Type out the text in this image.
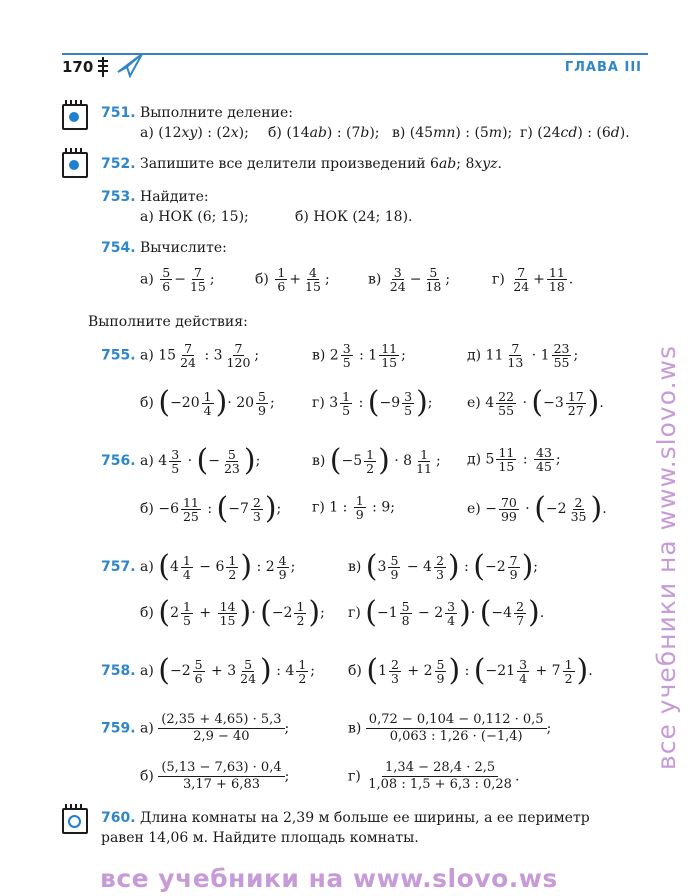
170	ГЛАВА III
751. Выполните деление:
а) (12𝑥𝑦) : (2𝑥); б) (14𝑎𝑏) : (7𝑏); в) (45𝑚𝑛) : (5𝑚); г) (24𝑐𝑑) : (6𝑑).
752. Запишите все делители произведений 6𝑎𝑏; 8𝑥𝑦𝑧.
753. Найдите:
а) НОК (6; 15);	б) НОК (24; 18).
754. Вычислите:
$а) \frac{5}{6} - \frac{7}{15}$ ;	$б) \frac{1}{6} + \frac{4}{15}$ ;	$в) \frac{3}{24} - \frac{5}{18}$ ;	$г) \frac{7}{24} + \frac{11}{18}$ .
Выполните действия:
755. а) $15 \frac{7}{24}$ : $3 \frac{7}{120}$ ;	в) $2 \frac{3}{5}$ : $1 \frac{11}{15}$ ;	д) $11 \frac{7}{13} \cdot 1 \frac{23}{55}$ ;
б) ($-20 \frac{1}{4}$ )· $20 \frac{5}{9}$ ;	г) $3 \frac{1}{5}$ : ($-9 \frac{3}{5}$ ); е) $4 \frac{22}{55} \cdot (-3 \frac{17}{27}$ ).
756. а) $4 \frac{3}{5}$ · (− $\frac{5}{23}$ );	в) ($-5 \frac{1}{2}$ ) · $8 \frac{1}{11}$ ; д) $5 \frac{11}{15}$ : $\frac{43}{45}$ ;
$б) -6 \frac{11}{25}$ : ($-7 \frac{2}{3}$ ); г) 1 : $\frac{1}{9}$ : 9;	$е) - \frac{70}{99} \cdot (-2 \frac{2}{35}$ ).
757. а) ($4 \frac{1}{4} - 6 \frac{1}{2}$ ) : $2 \frac{4}{9}$ ;	в) ($3 \frac{5}{9} - 4 \frac{2}{3}$ ) : ($-2 \frac{7}{9}$ );
б) ($2 \frac{1}{5} + \frac{14}{15}$ )· ($-2 \frac{1}{2}$ ); г) ($-1 \frac{5}{8} - 2 \frac{3}{4}$ )· ($-4 \frac{2}{7}$ ).
758. а) ($-2 \frac{5}{6} + 3 \frac{5}{24}$ ) : $4 \frac{1}{2}$ ; б) ($1 \frac{2}{3} + 2 \frac{5}{9}$ ) : ($-21 \frac{3}{4} + 7 \frac{1}{2}$ ).
759. $а) \frac{(2,35 + 4,65) \cdot 5,3}{2,9 - 40}$ ;	$в) \frac{0,72 - 0,104 - 0,112 \cdot 0,5}{0,063 : 1,26 \cdot (-1,4)}$ ;
$б) \frac{(5,13 - 7,63) \cdot 0,4}{3,17 + 6,83}$ ;	$г) \frac{1,34 - 28,4 \cdot 2,5}{1,08 : 1,5 + 6,3 : 0,28}$ .
760. Длина комнаты на 2,39 м больше ее ширины, а ее периметр
равен 14,06 м. Найдите площадь комнаты.
все учебники на www.slovo.ws
все учебники на www.slovo.ws
